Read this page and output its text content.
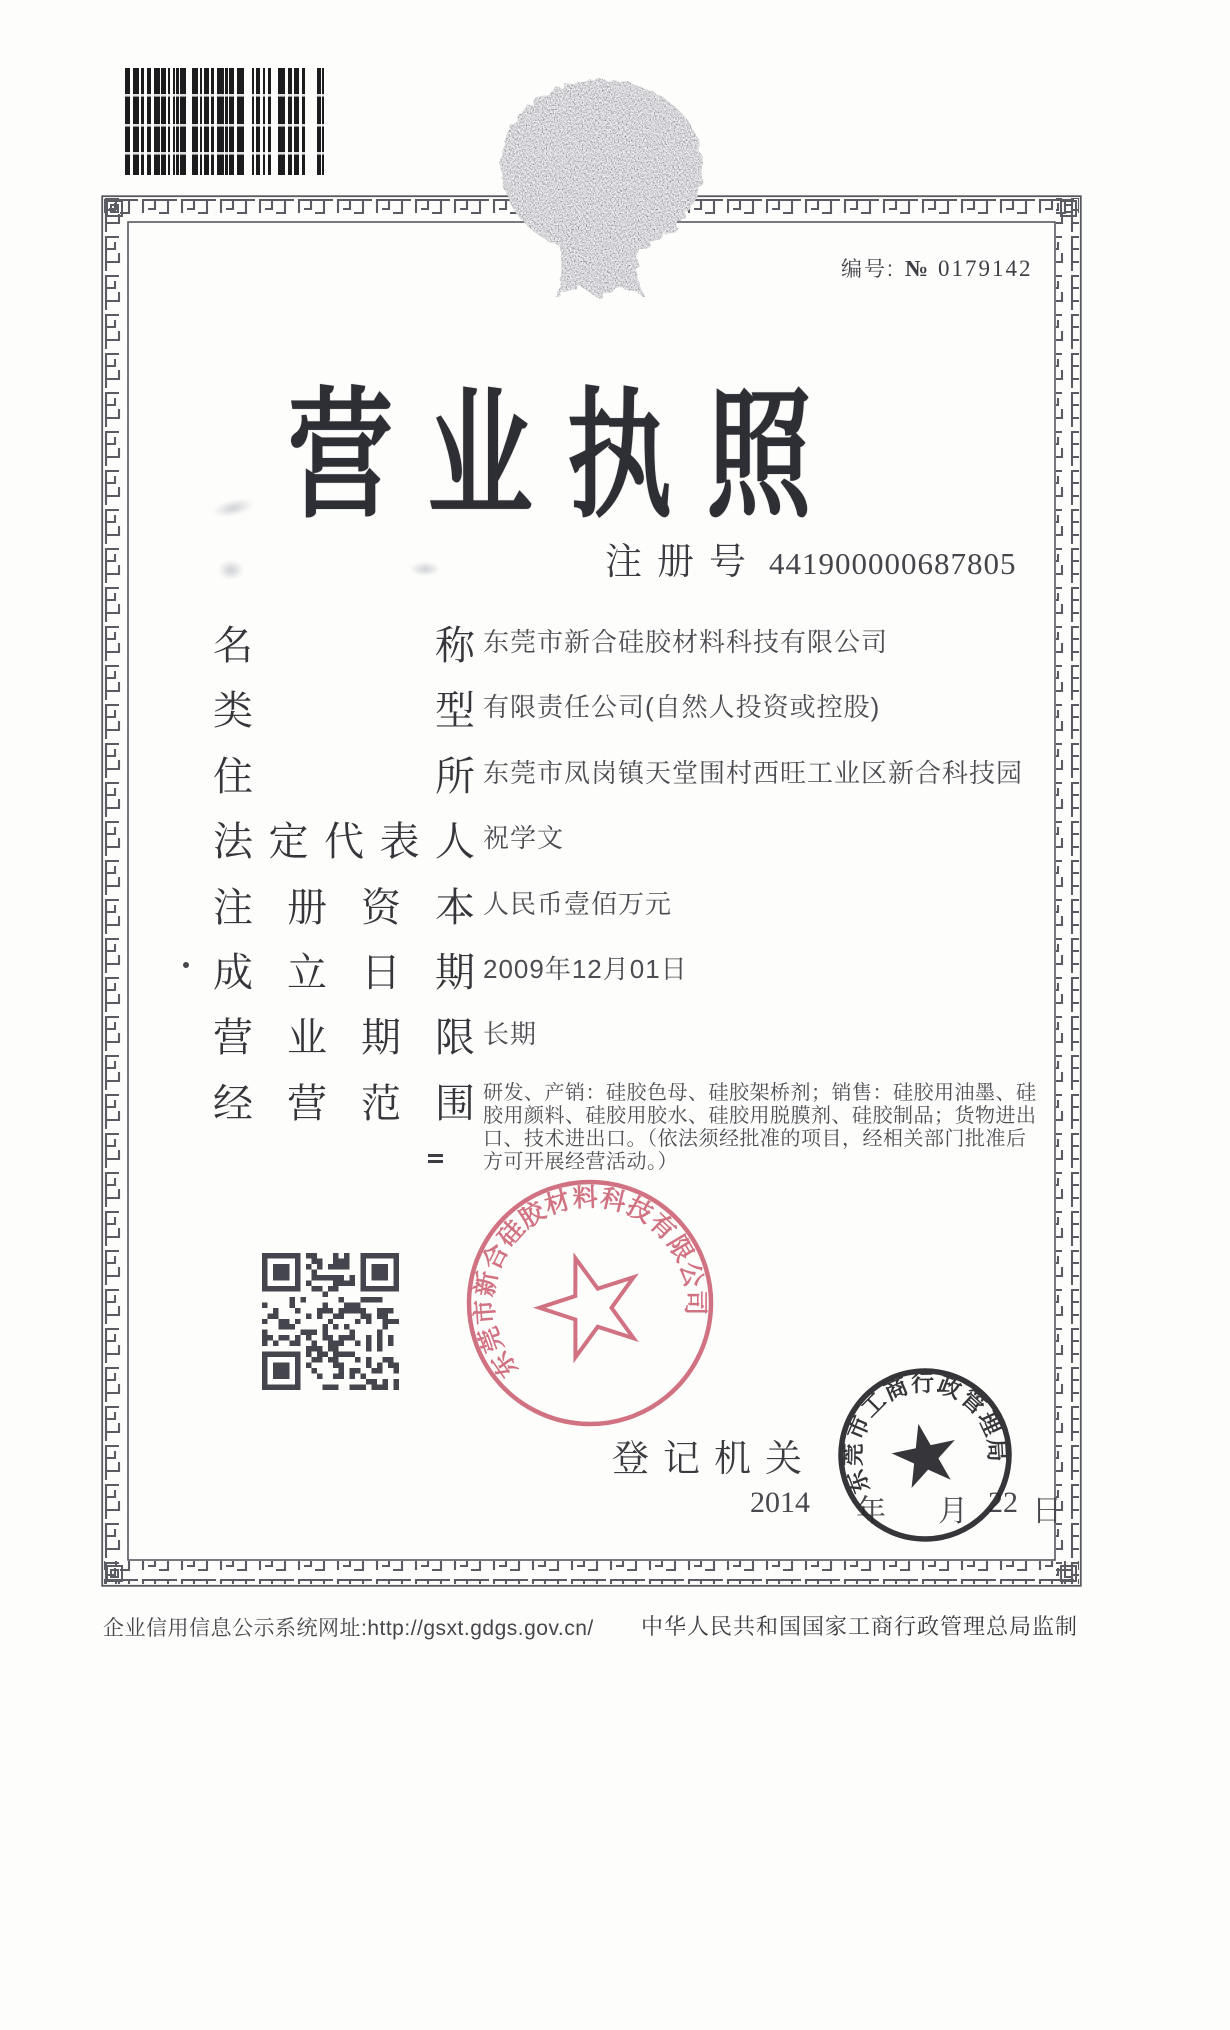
编号: № 0179142
营业执照
注册号 441900000687805
名	称 东莞市新合硅胶材料科技有限公司
类	型 有限责任公司(自然人投资或控股)
住	所 东莞市凤岗镇天堂围村西旺工业区新合科技园
法 定 代 表 人 祝学文
注 册 资 本 人民币壹佰万元
成 立 日 期 2009年12月01日
营 业 期 限 长期
经 营 范 围 研发、产销：硅胶色母、硅胶架桥剂；销售：硅胶用油墨、硅胶用颜料、硅胶用胶水、硅胶用脱膜剂、硅胶制品；货物进出口、技术进出口。（依法须经批准的项目，经相关部门批准后方可开展经营活动。）
东莞市新合硅胶材料科技有限公司
登记机关
2014 年 月 22 日
东莞市工商行政管理局
企业信用信息公示系统网址:http://gsxt.gdgs.gov.cn/ 中华人民共和国国家工商行政管理总局监制
